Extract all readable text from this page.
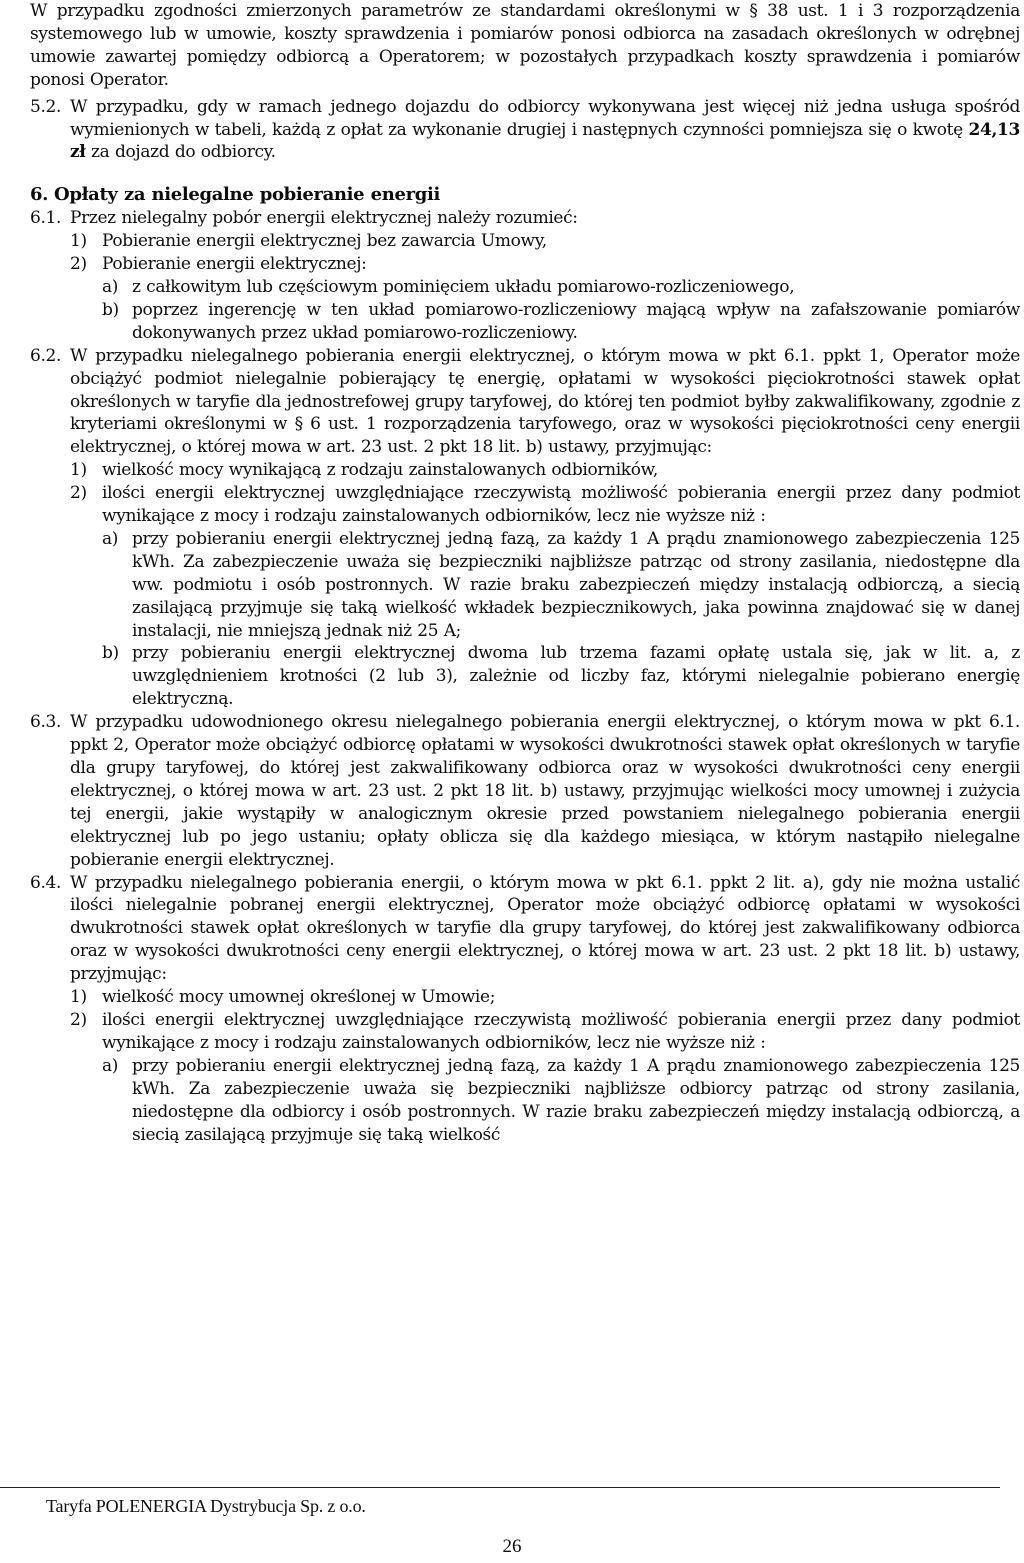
W przypadku zgodności zmierzonych parametrów ze standardami określonymi w § 38 ust. 1 i 3 rozporządzenia systemowego lub w umowie, koszty sprawdzenia i pomiarów ponosi odbiorca na zasadach określonych w odrębnej umowie zawartej pomiędzy odbiorcą a Operatorem; w pozostałych przypadkach koszty sprawdzenia i pomiarów ponosi Operator.
5.2. W przypadku, gdy w ramach jednego dojazdu do odbiorcy wykonywana jest więcej niż jedna usługa spośród wymienionych w tabeli, każdą z opłat za wykonanie drugiej i następnych czynności pomniejsza się o kwotę 24,13 zł za dojazd do odbiorcy.
6. Opłaty za nielegalne pobieranie energii
6.1. Przez nielegalny pobór energii elektrycznej należy rozumieć:
1) Pobieranie energii elektrycznej bez zawarcia Umowy,
2) Pobieranie energii elektrycznej:
a) z całkowitym lub częściowym pominięciem układu pomiarowo-rozliczeniowego,
b) poprzez ingerencję w ten układ pomiarowo-rozliczeniowy mającą wpływ na zafałszowanie pomiarów dokonywanych przez układ pomiarowo-rozliczeniowy.
6.2. W przypadku nielegalnego pobierania energii elektrycznej, o którym mowa w pkt 6.1. ppkt 1, Operator może obciążyć podmiot nielegalnie pobierający tę energię, opłatami w wysokości pięciokrotności stawek opłat określonych w taryfie dla jednostrefowej grupy taryfowej, do której ten podmiot byłby zakwalifikowany, zgodnie z kryteriami określonymi w § 6 ust. 1 rozporządzenia taryfowego, oraz w wysokości pięciokrotności ceny energii elektrycznej, o której mowa w art. 23 ust. 2 pkt 18 lit. b) ustawy, przyjmując:
1) wielkość mocy wynikającą z rodzaju zainstalowanych odbiorników,
2) ilości energii elektrycznej uwzględniające rzeczywistą możliwość pobierania energii przez dany podmiot wynikające z mocy i rodzaju zainstalowanych odbiorników, lecz nie wyższe niż :
a) przy pobieraniu energii elektrycznej jedną fazą, za każdy 1 A prądu znamionowego zabezpieczenia 125 kWh. Za zabezpieczenie uważa się bezpieczniki najbliższe patrząc od strony zasilania, niedostępne dla ww. podmiotu i osób postronnych. W razie braku zabezpieczeń między instalacją odbiorczą, a siecią zasilającą przyjmuje się taką wielkość wkładek bezpiecznikowych, jaka powinna znajdować się w danej instalacji, nie mniejszą jednak niż 25 A;
b) przy pobieraniu energii elektrycznej dwoma lub trzema fazami opłatę ustala się, jak w lit. a, z uwzględnieniem krotności (2 lub 3), zależnie od liczby faz, którymi nielegalnie pobierano energię elektryczną.
6.3. W przypadku udowodnionego okresu nielegalnego pobierania energii elektrycznej, o którym mowa w pkt 6.1. ppkt 2, Operator może obciążyć odbiorcę opłatami w wysokości dwukrotności stawek opłat określonych w taryfie dla grupy taryfowej, do której jest zakwalifikowany odbiorca oraz w wysokości dwukrotności ceny energii elektrycznej, o której mowa w art. 23 ust. 2 pkt 18 lit. b) ustawy, przyjmując wielkości mocy umownej i zużycia tej energii, jakie wystąpiły w analogicznym okresie przed powstaniem nielegalnego pobierania energii elektrycznej lub po jego ustaniu; opłaty oblicza się dla każdego miesiąca, w którym nastąpiło nielegalne pobieranie energii elektrycznej.
6.4. W przypadku nielegalnego pobierania energii, o którym mowa w pkt 6.1. ppkt 2 lit. a), gdy nie można ustalić ilości nielegalnie pobranej energii elektrycznej, Operator może obciążyć odbiorcę opłatami w wysokości dwukrotności stawek opłat określonych w taryfie dla grupy taryfowej, do której jest zakwalifikowany odbiorca oraz w wysokości dwukrotności ceny energii elektrycznej, o której mowa w art. 23 ust. 2 pkt 18 lit. b) ustawy, przyjmując:
1) wielkość mocy umownej określonej w Umowie;
2) ilości energii elektrycznej uwzględniające rzeczywistą możliwość pobierania energii przez dany podmiot wynikające z mocy i rodzaju zainstalowanych odbiorników, lecz nie wyższe niż :
a) przy pobieraniu energii elektrycznej jedną fazą, za każdy 1 A prądu znamionowego zabezpieczenia 125 kWh. Za zabezpieczenie uważa się bezpieczniki najbliższe odbiorcy patrząc od strony zasilania, niedostępne dla odbiorcy i osób postronnych. W razie braku zabezpieczeń między instalacją odbiorczą, a siecią zasilającą przyjmuje się taką wielkość
Taryfa POLENERGIA Dystrybucja Sp. z o.o.
26
